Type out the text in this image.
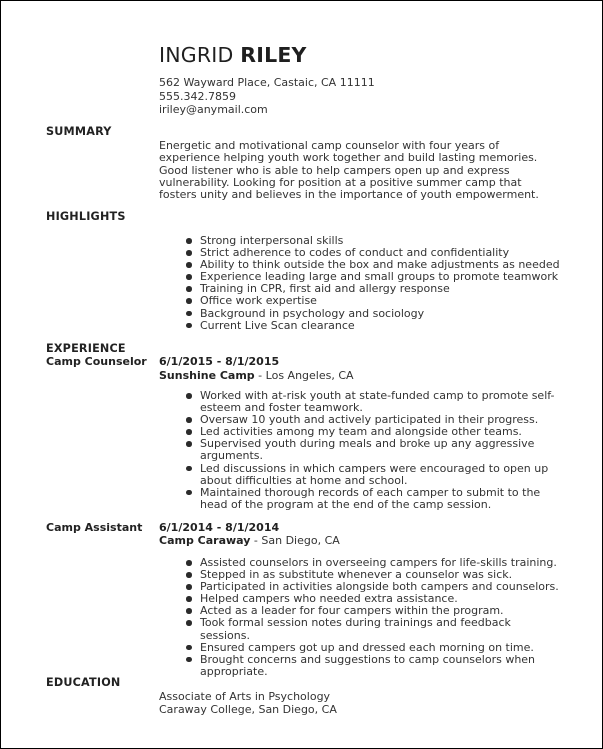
INGRID RILEY
562 Wayward Place, Castaic, CA 11111
555.342.7859
iriley@anymail.com
SUMMARY
Energetic and motivational camp counselor with four years of experience helping youth work together and build lasting memories. Good listener who is able to help campers open up and express vulnerability. Looking for position at a positive summer camp that fosters unity and believes in the importance of youth empowerment.
HIGHLIGHTS
Strong interpersonal skills
Strict adherence to codes of conduct and confidentiality
Ability to think outside the box and make adjustments as needed
Experience leading large and small groups to promote teamwork
Training in CPR, first aid and allergy response
Office work expertise
Background in psychology and sociology
Current Live Scan clearance
EXPERIENCE
Camp Counselor 6/1/2015 - 8/1/2015
Sunshine Camp - Los Angeles, CA
Worked with at-risk youth at state-funded camp to promote self-esteem and foster teamwork.
Oversaw 10 youth and actively participated in their progress.
Led activities among my team and alongside other teams.
Supervised youth during meals and broke up any aggressive arguments.
Led discussions in which campers were encouraged to open up about difficulties at home and school.
Maintained thorough records of each camper to submit to the head of the program at the end of the camp session.
Camp Assistant 6/1/2014 - 8/1/2014
Camp Caraway - San Diego, CA
Assisted counselors in overseeing campers for life-skills training.
Stepped in as substitute whenever a counselor was sick.
Participated in activities alongside both campers and counselors.
Helped campers who needed extra assistance.
Acted as a leader for four campers within the program.
Took formal session notes during trainings and feedback sessions.
Ensured campers got up and dressed each morning on time.
Brought concerns and suggestions to camp counselors when appropriate.
EDUCATION
Associate of Arts in Psychology
Caraway College, San Diego, CA
